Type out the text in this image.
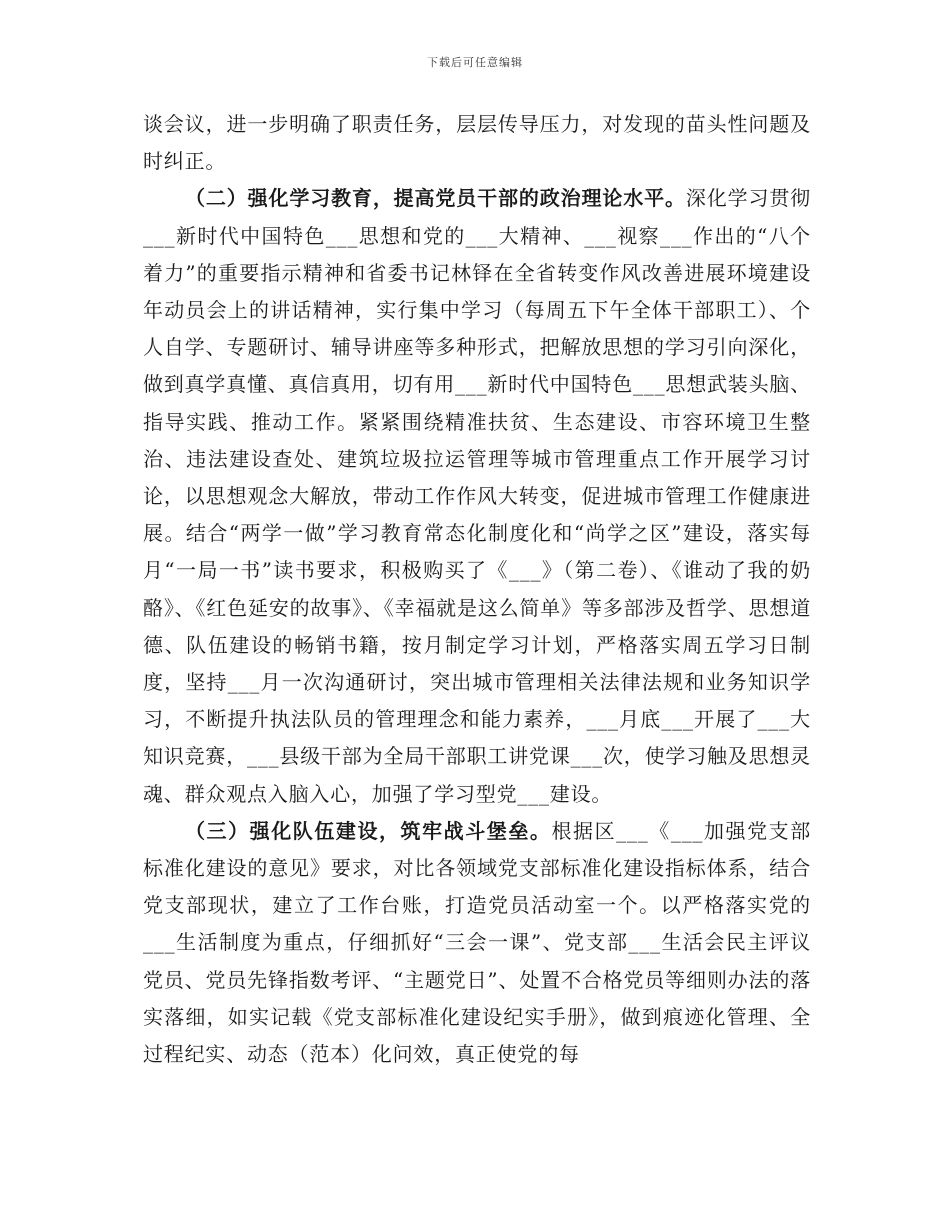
下载后可任意编辑

谈会议，进一步明确了职责任务，层层传导压力，对发现的苗头性问题及时纠正。

（二）强化学习教育，提高党员干部的政治理论水平。深化学习贯彻___新时代中国特色___思想和党的___大精神、___视察___作出的“八个着力”的重要指示精神和省委书记林铎在全省转变作风改善进展环境建设年动员会上的讲话精神，实行集中学习（每周五下午全体干部职工）、个人自学、专题研讨、辅导讲座等多种形式，把解放思想的学习引向深化，做到真学真懂、真信真用，切有用___新时代中国特色___思想武装头脑、指导实践、推动工作。紧紧围绕精准扶贫、生态建设、市容环境卫生整治、违法建设查处、建筑垃圾拉运管理等城市管理重点工作开展学习讨论，以思想观念大解放，带动工作作风大转变，促进城市管理工作健康进展。结合“两学一做”学习教育常态化制度化和“尚学之区”建设，落实每月“一局一书”读书要求，积极购买了《___》（第二卷）、《谁动了我的奶酪》、《红色延安的故事》、《幸福就是这么简单》等多部涉及哲学、思想道德、队伍建设的畅销书籍，按月制定学习计划，严格落实周五学习日制度，坚持___月一次沟通研讨，突出城市管理相关法律法规和业务知识学习，不断提升执法队员的管理理念和能力素养，___月底___开展了___大知识竞赛，___县级干部为全局干部职工讲党课___次，使学习触及思想灵魂、群众观点入脑入心，加强了学习型党___建设。

（三）强化队伍建设，筑牢战斗堡垒。根据区___《___加强党支部标准化建设的意见》要求，对比各领域党支部标准化建设指标体系，结合党支部现状，建立了工作台账，打造党员活动室一个。以严格落实党的___生活制度为重点，仔细抓好“三会一课”、党支部___生活会民主评议党员、党员先锋指数考评、“主题党日”、处置不合格党员等细则办法的落实落细，如实记载《党支部标准化建设纪实手册》，做到痕迹化管理、全过程纪实、动态（范本）化问效，真正使党的每
